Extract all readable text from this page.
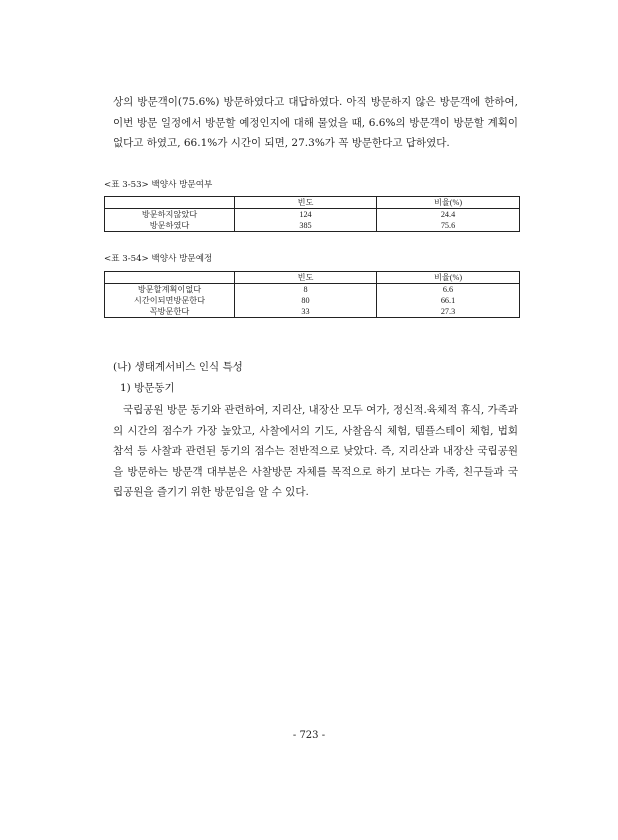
상의 방문객이(75.6%) 방문하였다고 대답하였다. 아직 방문하지 않은 방문객에 한하여, 이번 방문 일정에서 방문할 예정인지에 대해 물었을 때, 6.6%의 방문객이 방문할 계획이 없다고 하였고, 66.1%가 시간이 되면, 27.3%가 꼭 방문한다고 답하였다.

<표 3-53> 백양사 방문여부

	빈도	비율(%)
방문하지않았다	124	24.4
방문하였다	385	75.6

<표 3-54> 백양사 방문예정

	빈도	비율(%)
방문할계획이없다	8	6.6
시간이되면방문한다	80	66.1
꼭방문한다	33	27.3

(나) 생태계서비스 인식 특성

1) 방문동기

국립공원 방문 동기와 관련하여, 지리산, 내장산 모두 여가, 정신적.육체적 휴식, 가족과의 시간의 점수가 가장 높았고, 사찰에서의 기도, 사찰음식 체험, 템플스테이 체험, 법회참석 등 사찰과 관련된 동기의 점수는 전반적으로 낮았다. 즉, 지리산과 내장산 국립공원을 방문하는 방문객 대부분은 사찰방문 자체를 목적으로 하기 보다는 가족, 친구들과 국립공원을 즐기기 위한 방문임을 알 수 있다.

- 723 -
